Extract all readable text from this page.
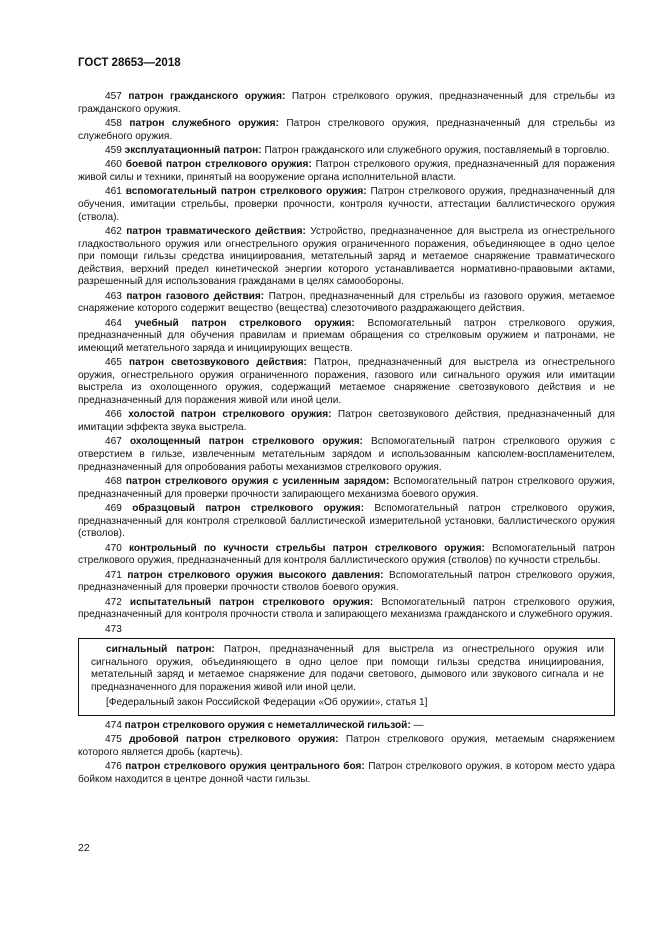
ГОСТ 28653—2018

457 патрон гражданского оружия: Патрон стрелкового оружия, предназначенный для стрельбы из гражданского оружия.

458 патрон служебного оружия: Патрон стрелкового оружия, предназначенный для стрельбы из служебного оружия.

459 эксплуатационный патрон: Патрон гражданского или служебного оружия, поставляемый в торговлю.

460 боевой патрон стрелкового оружия: Патрон стрелкового оружия, предназначенный для поражения живой силы и техники, принятый на вооружение органа исполнительной власти.

461 вспомогательный патрон стрелкового оружия: Патрон стрелкового оружия, предназначенный для обучения, имитации стрельбы, проверки прочности, контроля кучности, аттестации баллистического оружия (ствола).

462 патрон травматического действия: Устройство, предназначенное для выстрела из огнестрельного гладкоствольного оружия или огнестрельного оружия ограниченного поражения, объединяющее в одно целое при помощи гильзы средства инициирования, метательный заряд и метаемое снаряжение травматического действия, верхний предел кинетической энергии которого устанавливается нормативно-правовыми актами, разрешенный для использования гражданами в целях самообороны.

463 патрон газового действия: Патрон, предназначенный для стрельбы из газового оружия, метаемое снаряжение которого содержит вещество (вещества) слезоточивого раздражающего действия.

464 учебный патрон стрелкового оружия: Вспомогательный патрон стрелкового оружия, предназначенный для обучения правилам и приемам обращения со стрелковым оружием и патронами, не имеющий метательного заряда и инициирующих веществ.

465 патрон светозвукового действия: Патрон, предназначенный для выстрела из огнестрельного оружия, огнестрельного оружия ограниченного поражения, газового или сигнального оружия или имитации выстрела из охолощенного оружия, содержащий метаемое снаряжение светозвукового действия и не предназначенный для поражения живой или иной цели.

466 холостой патрон стрелкового оружия: Патрон светозвукового действия, предназначенный для имитации эффекта звука выстрела.

467 охолощенный патрон стрелкового оружия: Вспомогательный патрон стрелкового оружия с отверстием в гильзе, извлеченным метательным зарядом и использованным капсюлем-воспламенителем, предназначенный для опробования работы механизмов стрелкового оружия.

468 патрон стрелкового оружия с усиленным зарядом: Вспомогательный патрон стрелкового оружия, предназначенный для проверки прочности запирающего механизма боевого оружия.

469 образцовый патрон стрелкового оружия: Вспомогательный патрон стрелкового оружия, предназначенный для контроля стрелковой баллистической измерительной установки, баллистического оружия (стволов).

470 контрольный по кучности стрельбы патрон стрелкового оружия: Вспомогательный патрон стрелкового оружия, предназначенный для контроля баллистического оружия (стволов) по кучности стрельбы.

471 патрон стрелкового оружия высокого давления: Вспомогательный патрон стрелкового оружия, предназначенный для проверки прочности стволов боевого оружия.

472 испытательный патрон стрелкового оружия: Вспомогательный патрон стрелкового оружия, предназначенный для контроля прочности ствола и запирающего механизма гражданского и служебного оружия.

473

сигнальный патрон: Патрон, предназначенный для выстрела из огнестрельного оружия или сигнального оружия, объединяющего в одно целое при помощи гильзы средства инициирования, метательный заряд и метаемое снаряжение для подачи светового, дымового или звукового сигнала и не предназначенного для поражения живой или иной цели.

[Федеральный закон Российской Федерации «Об оружии», статья 1]

474 патрон стрелкового оружия с неметаллической гильзой: —

475 дробовой патрон стрелкового оружия: Патрон стрелкового оружия, метаемым снаряжением которого является дробь (картечь).

476 патрон стрелкового оружия центрального боя: Патрон стрелкового оружия, в котором место удара бойком находится в центре донной части гильзы.

22
